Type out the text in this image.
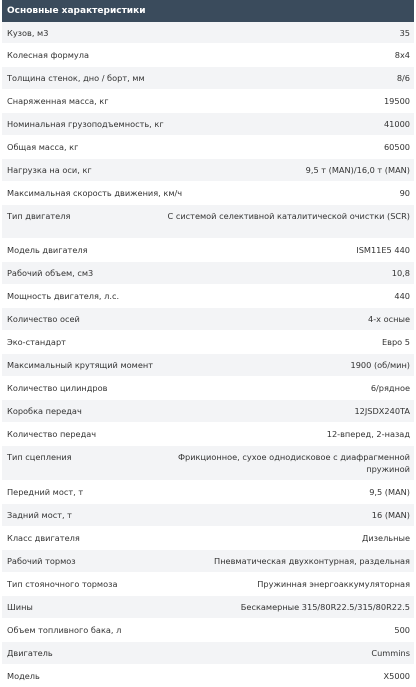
Основные характеристики
Кузов, м3	35
Колесная формула	8х4
Толщина стенок, дно / борт, мм	8/6
Снаряженная масса, кг	19500
Номинальная грузоподъемность, кг	41000
Общая масса, кг	60500
Нагрузка на оси, кг	9,5 т (MAN)/16,0 т (MAN)
Максимальная скорость движения, км/ч	90
Тип двигателя	С системой селективной каталитической очистки (SCR)
Модель двигателя	ISM11E5 440
Рабочий объем, см3	10,8
Мощность двигателя, л.с.	440
Количество осей	4-х осные
Эко-стандарт	Евро 5
Максимальный крутящий момент	1900 (об/мин)
Количество цилиндров	6/рядное
Коробка передач	12JSDX240TA
Количество передач	12-вперед, 2-назад
Тип сцепления	Фрикционное, сухое однодисковое с диафрагменной пружиной
Передний мост, т	9,5 (MAN)
Задний мост, т	16 (MAN)
Класс двигателя	Дизельные
Рабочий тормоз	Пневматическая двухконтурная, раздельная
Тип стояночного тормоза	Пружинная энергоаккумуляторная
Шины	Бескамерные 315/80R22.5/315/80R22.5
Объем топливного бака, л	500
Двигатель	Cummins
Модель	X5000
